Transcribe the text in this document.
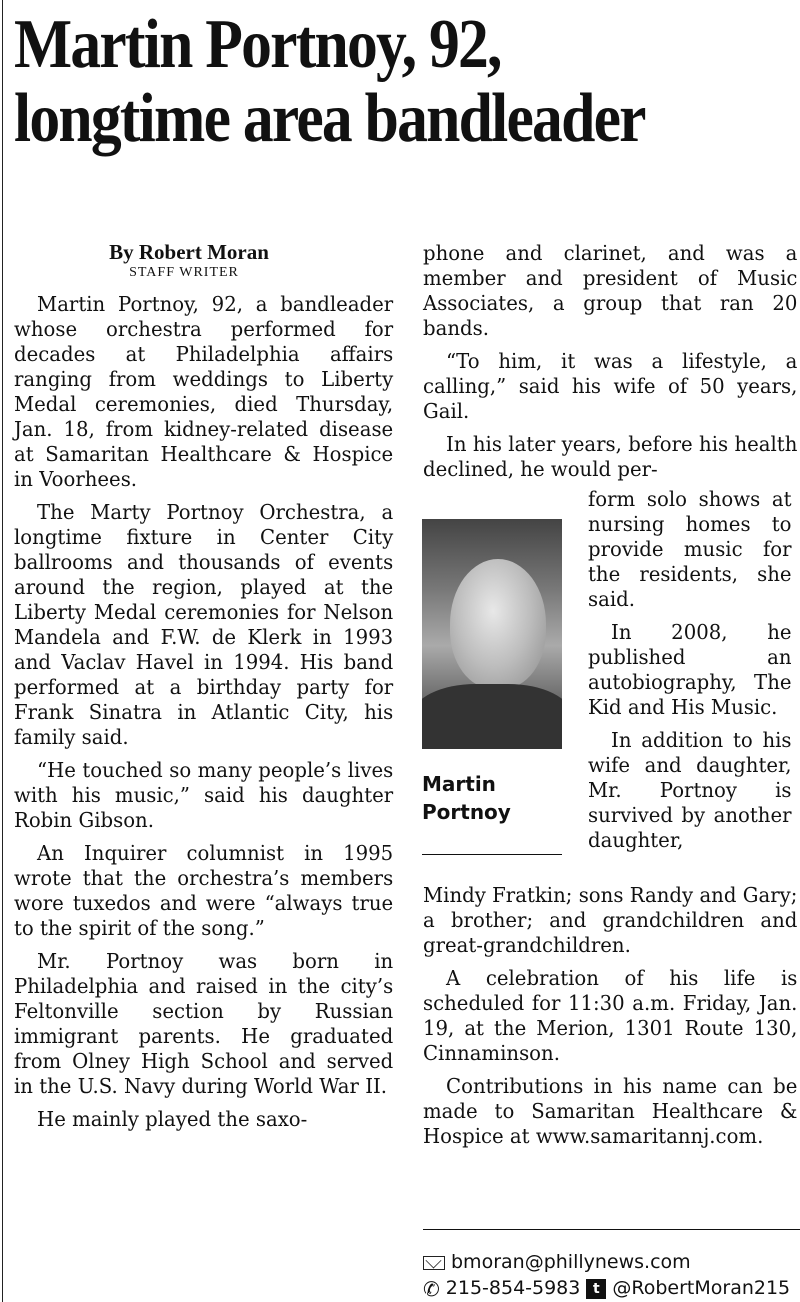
Martin Portnoy, 92,
longtime area bandleader
By Robert Moran
STAFF WRITER

Martin Portnoy, 92, a bandleader whose orchestra performed for decades at Philadelphia affairs ranging from weddings to Liberty Medal ceremonies, died Thursday, Jan. 18, from kidney-related disease at Samaritan Healthcare & Hospice in Voorhees.

The Marty Portnoy Orchestra, a longtime fixture in Center City ballrooms and thousands of events around the region, played at the Liberty Medal ceremonies for Nelson Mandela and F.W. de Klerk in 1993 and Vaclav Havel in 1994. His band performed at a birthday party for Frank Sinatra in Atlantic City, his family said.

“He touched so many people’s lives with his music,” said his daughter Robin Gibson.

An Inquirer columnist in 1995 wrote that the orchestra’s members wore tuxedos and were “always true to the spirit of the song.”

Mr. Portnoy was born in Philadelphia and raised in the city’s Feltonville section by Russian immigrant parents. He graduated from Olney High School and served in the U.S. Navy during World War II.

He mainly played the saxo-

phone and clarinet, and was a member and president of Music Associates, a group that ran 20 bands.

“To him, it was a lifestyle, a calling,” said his wife of 50 years, Gail.

In his later years, before his health declined, he would per-

Martin
Portnoy

form solo shows at nursing homes to provide music for the residents, she said.

In 2008, he published an autobiography, The Kid and His Music.

In addition to his wife and daughter, Mr. Portnoy is survived by another daughter,

Mindy Fratkin; sons Randy and Gary; a brother; and grandchildren and great-grandchildren.

A celebration of his life is scheduled for 11:30 a.m. Friday, Jan. 19, at the Merion, 1301 Route 130, Cinnaminson.

Contributions in his name can be made to Samaritan Healthcare & Hospice at www.samaritannj.com.

bmoran@phillynews.com
✆ 215-854-5983 t @RobertMoran215
